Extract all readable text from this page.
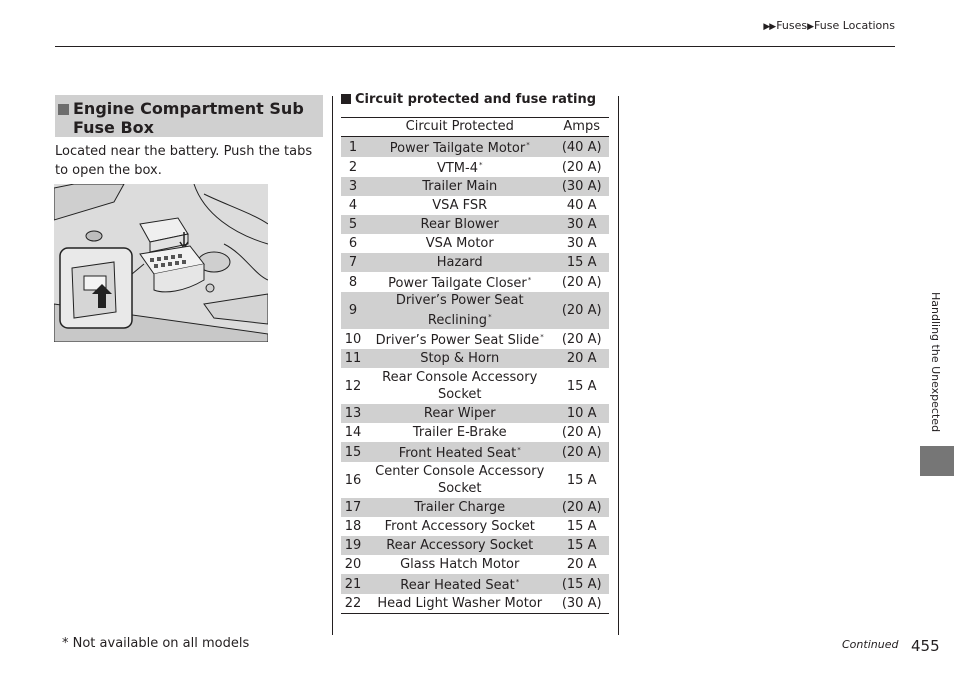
▶▶Fuses▶Fuse Locations
Handling the Unexpected
Engine Compartment Sub Fuse Box
Located near the battery. Push the tabs to open the box.
* Not available on all models
Circuit protected and fuse rating
	Circuit Protected	Amps
1	Power Tailgate Motor*	(40 A)
2	VTM-4*	(20 A)
3	Trailer Main	(30 A)
4	VSA FSR	40 A
5	Rear Blower	30 A
6	VSA Motor	30 A
7	Hazard	15 A
8	Power Tailgate Closer*	(20 A)
9	Driver’s Power Seat Reclining*	(20 A)
10	Driver’s Power Seat Slide*	(20 A)
11	Stop & Horn	20 A
12	Rear Console Accessory Socket	15 A
13	Rear Wiper	10 A
14	Trailer E-Brake	(20 A)
15	Front Heated Seat*	(20 A)
16	Center Console Accessory Socket	15 A
17	Trailer Charge	(20 A)
18	Front Accessory Socket	15 A
19	Rear Accessory Socket	15 A
20	Glass Hatch Motor	20 A
21	Rear Heated Seat*	(15 A)
22	Head Light Washer Motor	(30 A)
Continued 455
